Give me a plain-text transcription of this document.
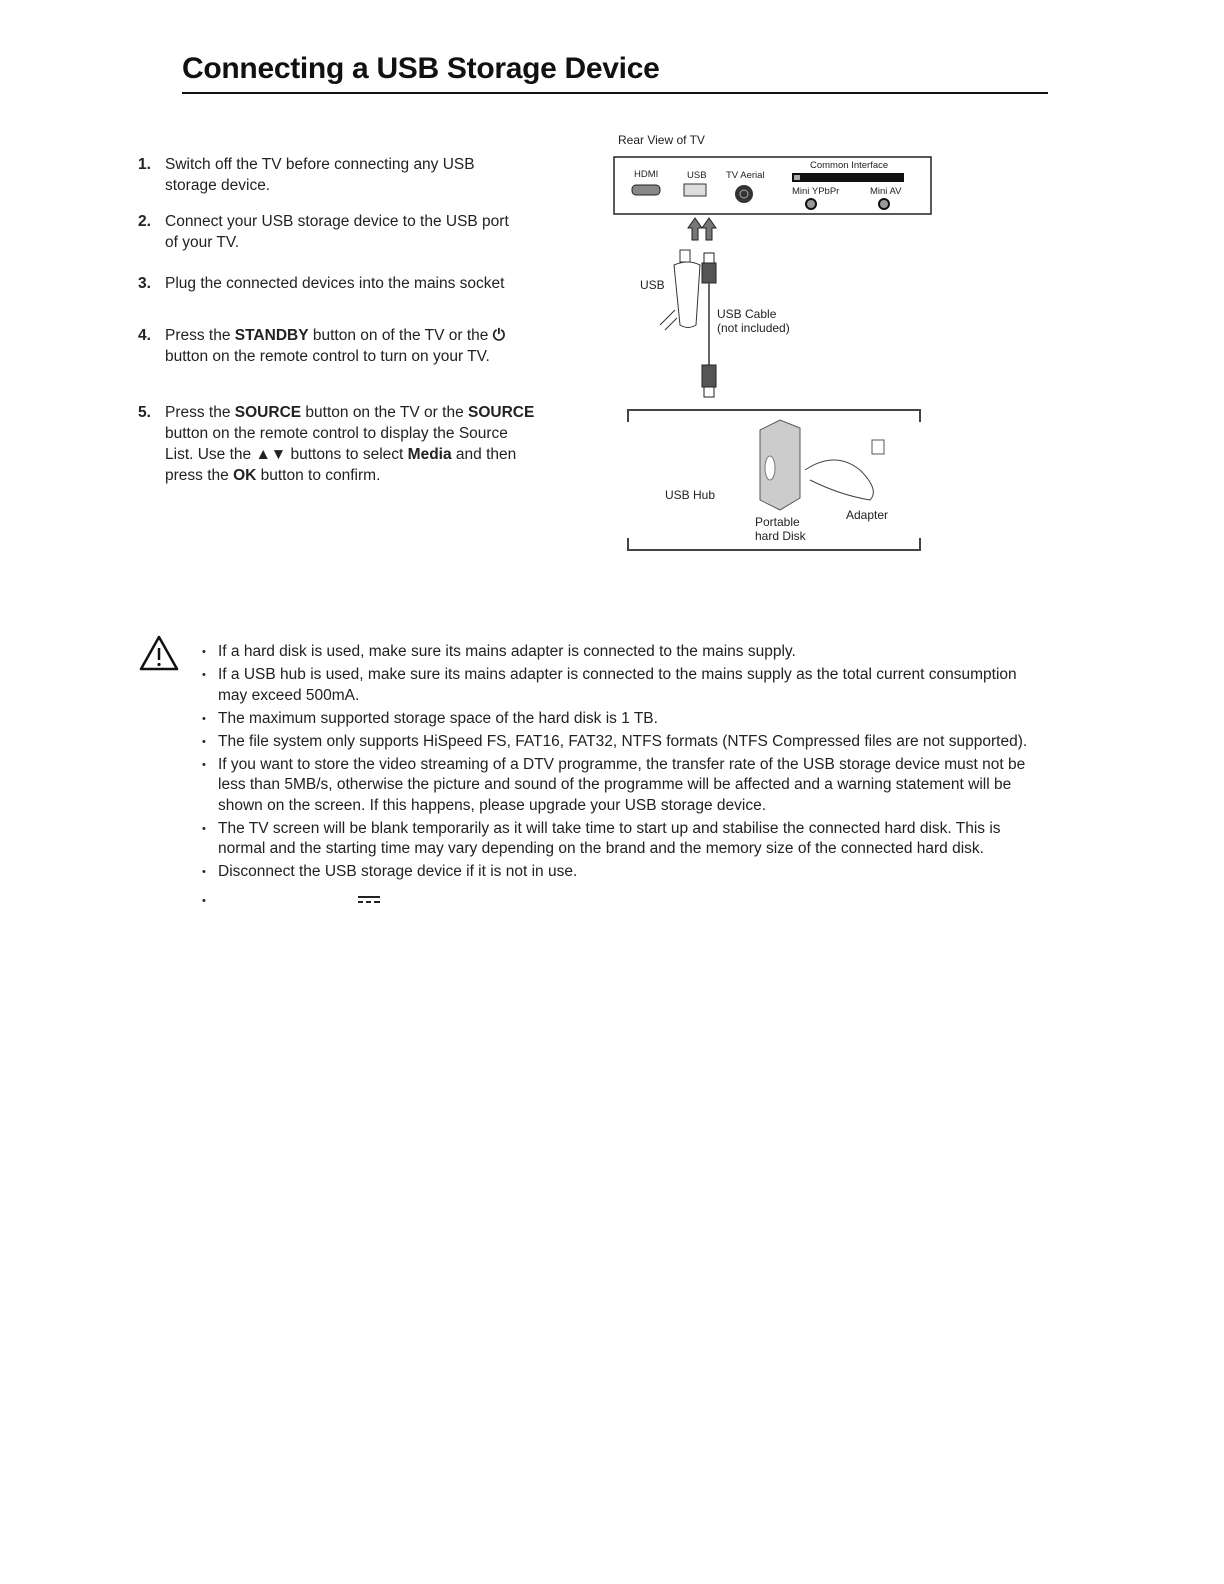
Connecting a USB Storage Device
1. Switch off the TV before connecting any USB storage device.
2. Connect your USB storage device to the USB port of your TV.
3. Plug the connected devices into the mains socket
4. Press the STANDBY button on of the TV or the ⏻ button on the remote control to turn on your TV.
5. Press the SOURCE button on the TV or the SOURCE button on the remote control to display the Source List. Use the ▲▼ buttons to select Media and then press the OK button to confirm.
Rear View of TV
HDMI	USB TV Aerial
Common Interface
Mini YPbPr	Mini AV
USB
USB Cable
(not included)
USB Hub
Portable
hard Disk
Adapter
• If a hard disk is used, make sure its mains adapter is connected to the mains supply.
• If a USB hub is used, make sure its mains adapter is connected to the mains supply as the total current consumption may exceed 500mA.
• The maximum supported storage space of the hard disk is 1 TB.
• The file system only supports HiSpeed FS, FAT16, FAT32, NTFS formats (NTFS Compressed files are not supported).
• If you want to store the video streaming of a DTV programme, the transfer rate of the USB storage device must not be less than 5MB/s, otherwise the picture and sound of the programme will be affected and a warning statement will be shown on the screen. If this happens, please upgrade your USB storage device.
• The TV screen will be blank temporarily as it will take time to start up and stabilise the connected hard disk. This is normal and the starting time may vary depending on the brand and the memory size of the connected hard disk.
• Disconnect the USB storage device if it is not in use.
•
